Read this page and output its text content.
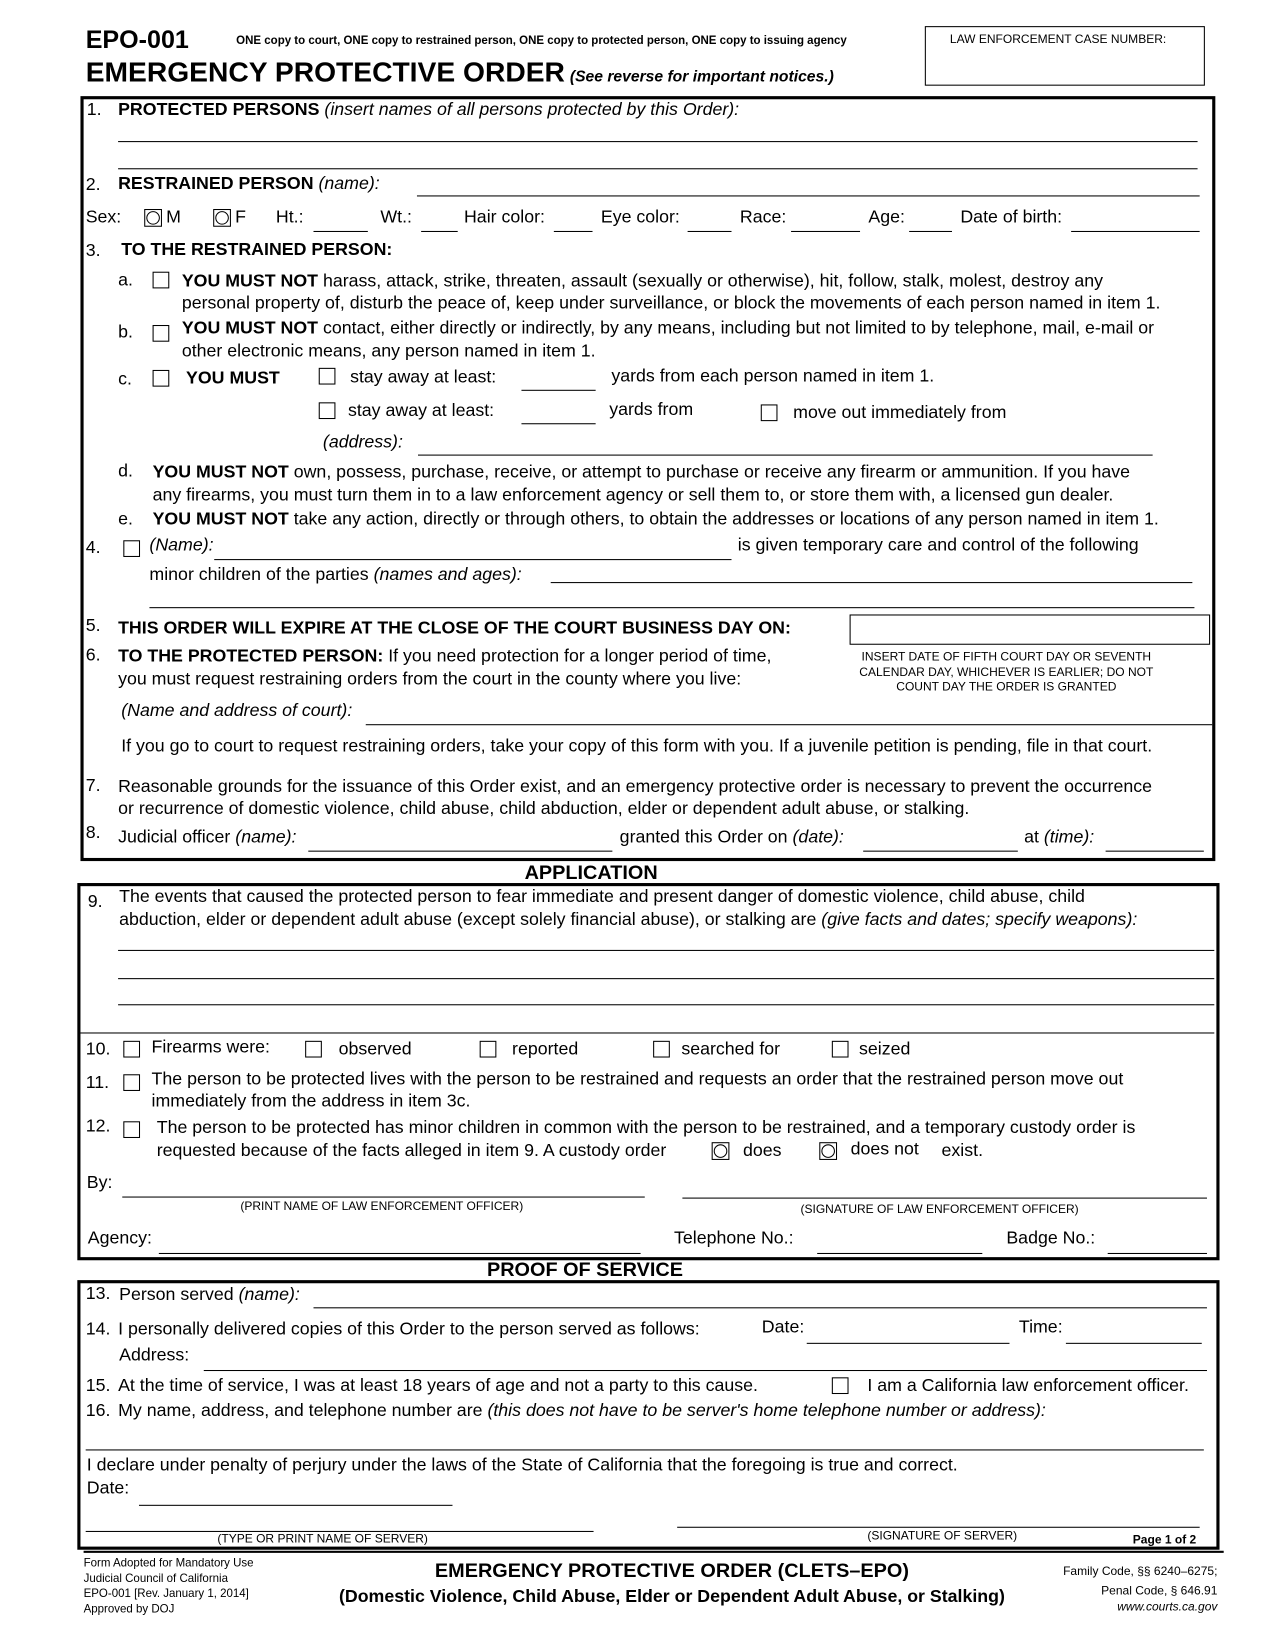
EPO-001	ONE copy to court, ONE copy to restrained person, ONE copy to protected person, ONE copy to issuing agency	LAW ENFORCEMENT CASE NUMBER:
EMERGENCY PROTECTIVE ORDER (See reverse for important notices.)
1. PROTECTED PERSONS (insert names of all persons protected by this Order):
2. RESTRAINED PERSON (name):
Sex:	M	F Ht.:	Wt.:	Hair color:	Eye color:	Race:	Age:	Date of birth:
3. TO THE RESTRAINED PERSON:
a.	YOU MUST NOT harass, attack, strike, threaten, assault (sexually or otherwise), hit, follow, stalk, molest, destroy any
personal property of, disturb the peace of, keep under surveillance, or block the movements of each person named in item 1.
b.	YOU MUST NOT contact, either directly or indirectly, by any means, including but not limited to by telephone, mail, e-mail or
other electronic means, any person named in item 1.
c.	YOU MUST	stay away at least:	yards from each person named in item 1.
stay away at least:	yards from	move out immediately from
(address):
d. YOU MUST NOT own, possess, purchase, receive, or attempt to purchase or receive any firearm or ammunition. If you have
any firearms, you must turn them in to a law enforcement agency or sell them to, or store them with, a licensed gun dealer.
e. YOU MUST NOT take any action, directly or through others, to obtain the addresses or locations of any person named in item 1.
4.	(Name):	is given temporary care and control of the following
minor children of the parties (names and ages):
5. THIS ORDER WILL EXPIRE AT THE CLOSE OF THE COURT BUSINESS DAY ON:
6. TO THE PROTECTED PERSON: If you need protection for a longer period of time,
you must request restraining orders from the court in the county where you live:
INSERT DATE OF FIFTH COURT DAY OR SEVENTH
CALENDAR DAY, WHICHEVER IS EARLIER; DO NOT
COUNT DAY THE ORDER IS GRANTED
(Name and address of court):
If you go to court to request restraining orders, take your copy of this form with you. If a juvenile petition is pending, file in that court.
7. Reasonable grounds for the issuance of this Order exist, and an emergency protective order is necessary to prevent the occurrence
or recurrence of domestic violence, child abuse, child abduction, elder or dependent adult abuse, or stalking.
8. Judicial officer (name):	granted this Order on (date):	at (time):
APPLICATION
9. The events that caused the protected person to fear immediate and present danger of domestic violence, child abuse, child
abduction, elder or dependent adult abuse (except solely financial abuse), or stalking are (give facts and dates; specify weapons):
10. Firearms were:	observed	reported	searched for	seized
11. The person to be protected lives with the person to be restrained and requests an order that the restrained person move out
immediately from the address in item 3c.
12.	The person to be protected has minor children in common with the person to be restrained, and a temporary custody order is
requested because of the facts alleged in item 9. A custody order	does	does not exist.
By:
(PRINT NAME OF LAW ENFORCEMENT OFFICER)	(SIGNATURE OF LAW ENFORCEMENT OFFICER)
Agency:	Telephone No.:	Badge No.:
PROOF OF SERVICE
13. Person served (name):
14. I personally delivered copies of this Order to the person served as follows:	Date:	Time:
Address:
15. At the time of service, I was at least 18 years of age and not a party to this cause.	I am a California law enforcement officer.
16. My name, address, and telephone number are (this does not have to be server's home telephone number or address):
I declare under penalty of perjury under the laws of the State of California that the foregoing is true and correct.
Date:
(TYPE OR PRINT NAME OF SERVER)	(SIGNATURE OF SERVER)	Page 1 of 2
Form Adopted for Mandatory Use
Judicial Council of California
EPO-001 [Rev. January 1, 2014]
Approved by DOJ
EMERGENCY PROTECTIVE ORDER (CLETS–EPO)
(Domestic Violence, Child Abuse, Elder or Dependent Adult Abuse, or Stalking)
Family Code, §§ 6240–6275;
Penal Code, § 646.91
www.courts.ca.gov
